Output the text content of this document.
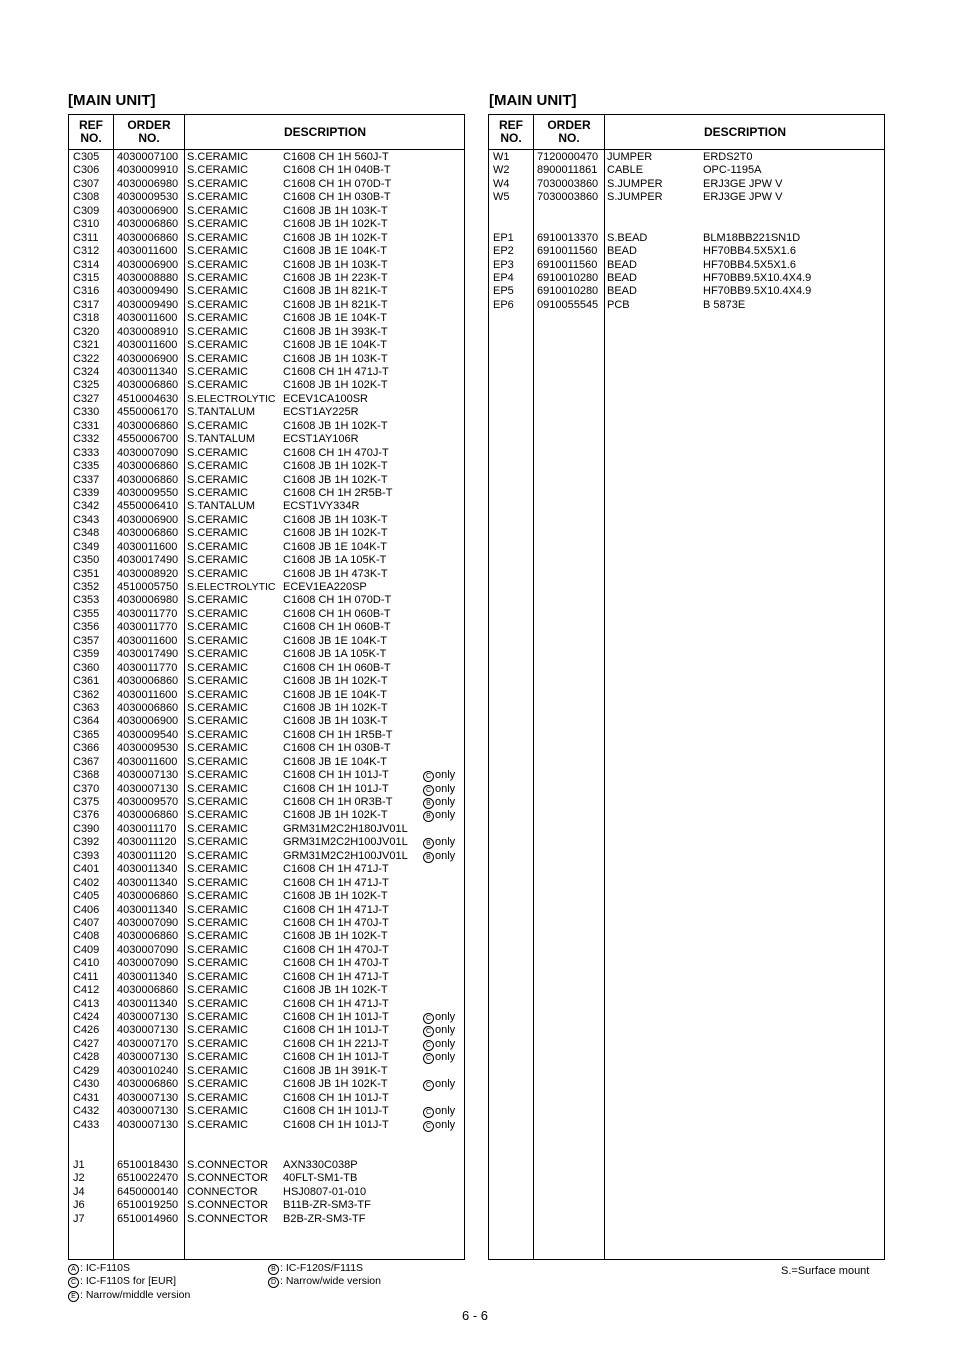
[MAIN UNIT]	[MAIN UNIT]
REF
NO.
ORDER
NO.	DESCRIPTION
C305 4030007100 S.CERAMIC	C1608 CH 1H 560J-T
C306 4030009910 S.CERAMIC	C1608 CH 1H 040B-T
C307 4030006980 S.CERAMIC	C1608 CH 1H 070D-T
C308 4030009530 S.CERAMIC	C1608 CH 1H 030B-T
C309 4030006900 S.CERAMIC	C1608 JB 1H 103K-T
C310 4030006860 S.CERAMIC	C1608 JB 1H 102K-T
C311 4030006860 S.CERAMIC	C1608 JB 1H 102K-T
C312 4030011600 S.CERAMIC	C1608 JB 1E 104K-T
C314 4030006900 S.CERAMIC	C1608 JB 1H 103K-T
C315 4030008880 S.CERAMIC	C1608 JB 1H 223K-T
C316 4030009490 S.CERAMIC	C1608 JB 1H 821K-T
C317 4030009490 S.CERAMIC	C1608 JB 1H 821K-T
C318 4030011600 S.CERAMIC	C1608 JB 1E 104K-T
C320 4030008910 S.CERAMIC	C1608 JB 1H 393K-T
C321 4030011600 S.CERAMIC	C1608 JB 1E 104K-T
C322 4030006900 S.CERAMIC	C1608 JB 1H 103K-T
C324 4030011340 S.CERAMIC	C1608 CH 1H 471J-T
C325 4030006860 S.CERAMIC	C1608 JB 1H 102K-T
C327 4510004630 S.ELECTROLYTIC ECEV1CA100SR
C330 4550006170 S.TANTALUM	ECST1AY225R
C331 4030006860 S.CERAMIC	C1608 JB 1H 102K-T
C332 4550006700 S.TANTALUM	ECST1AY106R
C333 4030007090 S.CERAMIC	C1608 CH 1H 470J-T
C335 4030006860 S.CERAMIC	C1608 JB 1H 102K-T
C337 4030006860 S.CERAMIC	C1608 JB 1H 102K-T
C339 4030009550 S.CERAMIC	C1608 CH 1H 2R5B-T
C342 4550006410 S.TANTALUM	ECST1VY334R
C343 4030006900 S.CERAMIC	C1608 JB 1H 103K-T
C348 4030006860 S.CERAMIC	C1608 JB 1H 102K-T
C349 4030011600 S.CERAMIC	C1608 JB 1E 104K-T
C350 4030017490 S.CERAMIC	C1608 JB 1A 105K-T
C351 4030008920 S.CERAMIC	C1608 JB 1H 473K-T
C352 4510005750 S.ELECTROLYTIC ECEV1EA220SP
C353 4030006980 S.CERAMIC	C1608 CH 1H 070D-T
C355 4030011770 S.CERAMIC	C1608 CH 1H 060B-T
C356 4030011770 S.CERAMIC	C1608 CH 1H 060B-T
C357 4030011600 S.CERAMIC	C1608 JB 1E 104K-T
C359 4030017490 S.CERAMIC	C1608 JB 1A 105K-T
C360 4030011770 S.CERAMIC	C1608 CH 1H 060B-T
C361 4030006860 S.CERAMIC	C1608 JB 1H 102K-T
C362 4030011600 S.CERAMIC	C1608 JB 1E 104K-T
C363 4030006860 S.CERAMIC	C1608 JB 1H 102K-T
C364 4030006900 S.CERAMIC	C1608 JB 1H 103K-T
C365 4030009540 S.CERAMIC	C1608 CH 1H 1R5B-T
C366 4030009530 S.CERAMIC	C1608 CH 1H 030B-T
C367 4030011600 S.CERAMIC	C1608 JB 1E 104K-T
C368 4030007130 S.CERAMIC	C1608 CH 1H 101J-T	C only
C370 4030007130 S.CERAMIC	C1608 CH 1H 101J-T	C only
C375 4030009570 S.CERAMIC	C1608 CH 1H 0R3B-T	B only
C376 4030006860 S.CERAMIC	C1608 JB 1H 102K-T	B only
C390 4030011170 S.CERAMIC	GRM31M2C2H180JV01L
C392 4030011120 S.CERAMIC	GRM31M2C2H100JV01L	B only
C393 4030011120 S.CERAMIC	GRM31M2C2H100JV01L	B only
C401 4030011340 S.CERAMIC	C1608 CH 1H 471J-T
C402 4030011340 S.CERAMIC	C1608 CH 1H 471J-T
C405 4030006860 S.CERAMIC	C1608 JB 1H 102K-T
C406 4030011340 S.CERAMIC	C1608 CH 1H 471J-T
C407 4030007090 S.CERAMIC	C1608 CH 1H 470J-T
C408 4030006860 S.CERAMIC	C1608 JB 1H 102K-T
C409 4030007090 S.CERAMIC	C1608 CH 1H 470J-T
C410 4030007090 S.CERAMIC	C1608 CH 1H 470J-T
C411 4030011340 S.CERAMIC	C1608 CH 1H 471J-T
C412 4030006860 S.CERAMIC	C1608 JB 1H 102K-T
C413 4030011340 S.CERAMIC	C1608 CH 1H 471J-T
C424 4030007130 S.CERAMIC	C1608 CH 1H 101J-T	C only
C426 4030007130 S.CERAMIC	C1608 CH 1H 101J-T	C only
C427 4030007170 S.CERAMIC	C1608 CH 1H 221J-T	C only
C428 4030007130 S.CERAMIC	C1608 CH 1H 101J-T	C only
C429 4030010240 S.CERAMIC	C1608 JB 1H 391K-T
C430 4030006860 S.CERAMIC	C1608 JB 1H 102K-T	C only
C431 4030007130 S.CERAMIC	C1608 CH 1H 101J-T
C432 4030007130 S.CERAMIC	C1608 CH 1H 101J-T	C only
C433 4030007130 S.CERAMIC	C1608 CH 1H 101J-T	C only
J1	6510018430 S.CONNECTOR AXN330C038P
J2	6510022470 S.CONNECTOR 40FLT-SM1-TB
J4	6450000140 CONNECTOR HSJ0807-01-010
J6	6510019250 S.CONNECTOR B11B-ZR-SM3-TF
J7	6510014960 S.CONNECTOR B2B-ZR-SM3-TF
REF
NO.
ORDER
NO.	DESCRIPTION
W1	7120000470 JUMPER	ERDS2T0
W2	8900011861 CABLE	OPC-1195A
W4	7030003860 S.JUMPER	ERJ3GE JPW V
W5	7030003860 S.JUMPER	ERJ3GE JPW V
EP1 6910013370 S.BEAD	BLM18BB221SN1D
EP2 6910011560 BEAD	HF70BB4.5X5X1.6
EP3 6910011560 BEAD	HF70BB4.5X5X1.6
EP4 6910010280 BEAD	HF70BB9.5X10.4X4.9
EP5 6910010280 BEAD	HF70BB9.5X10.4X4.9
EP6 0910055545 PCB	B 5873E
A : IC-F110S	B : IC-F120S/F111S
C : IC-F110S for [EUR]	D : Narrow/wide version
E : Narrow/middle version
S.=Surface mount
6 - 6
